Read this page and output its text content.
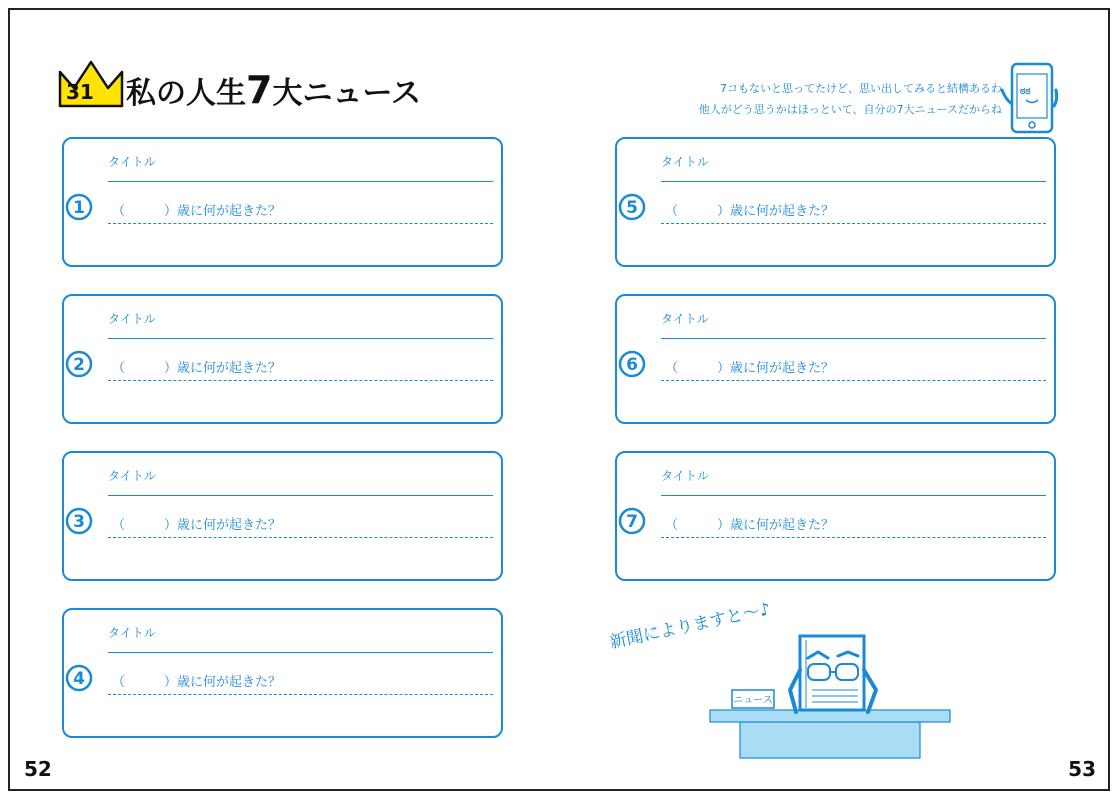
31 私の人生7大ニュース	7コもないと思ってたけど、思い出してみると結構あるわ
他人がどう思うかはほっといて、自分の7大ニュースだからね
ಠಠ
タイトル
1 （　　　）歳に何が起きた？
タイトル
2 （　　　）歳に何が起きた？
タイトル
3 （　　　）歳に何が起きた？
タイトル
4 （　　　）歳に何が起きた？
タイトル
5 （　　　）歳に何が起きた？
タイトル
6 （　　　）歳に何が起きた？
タイトル
7 （　　　）歳に何が起きた？
新聞によりますと～♪
ニュース
52	53
